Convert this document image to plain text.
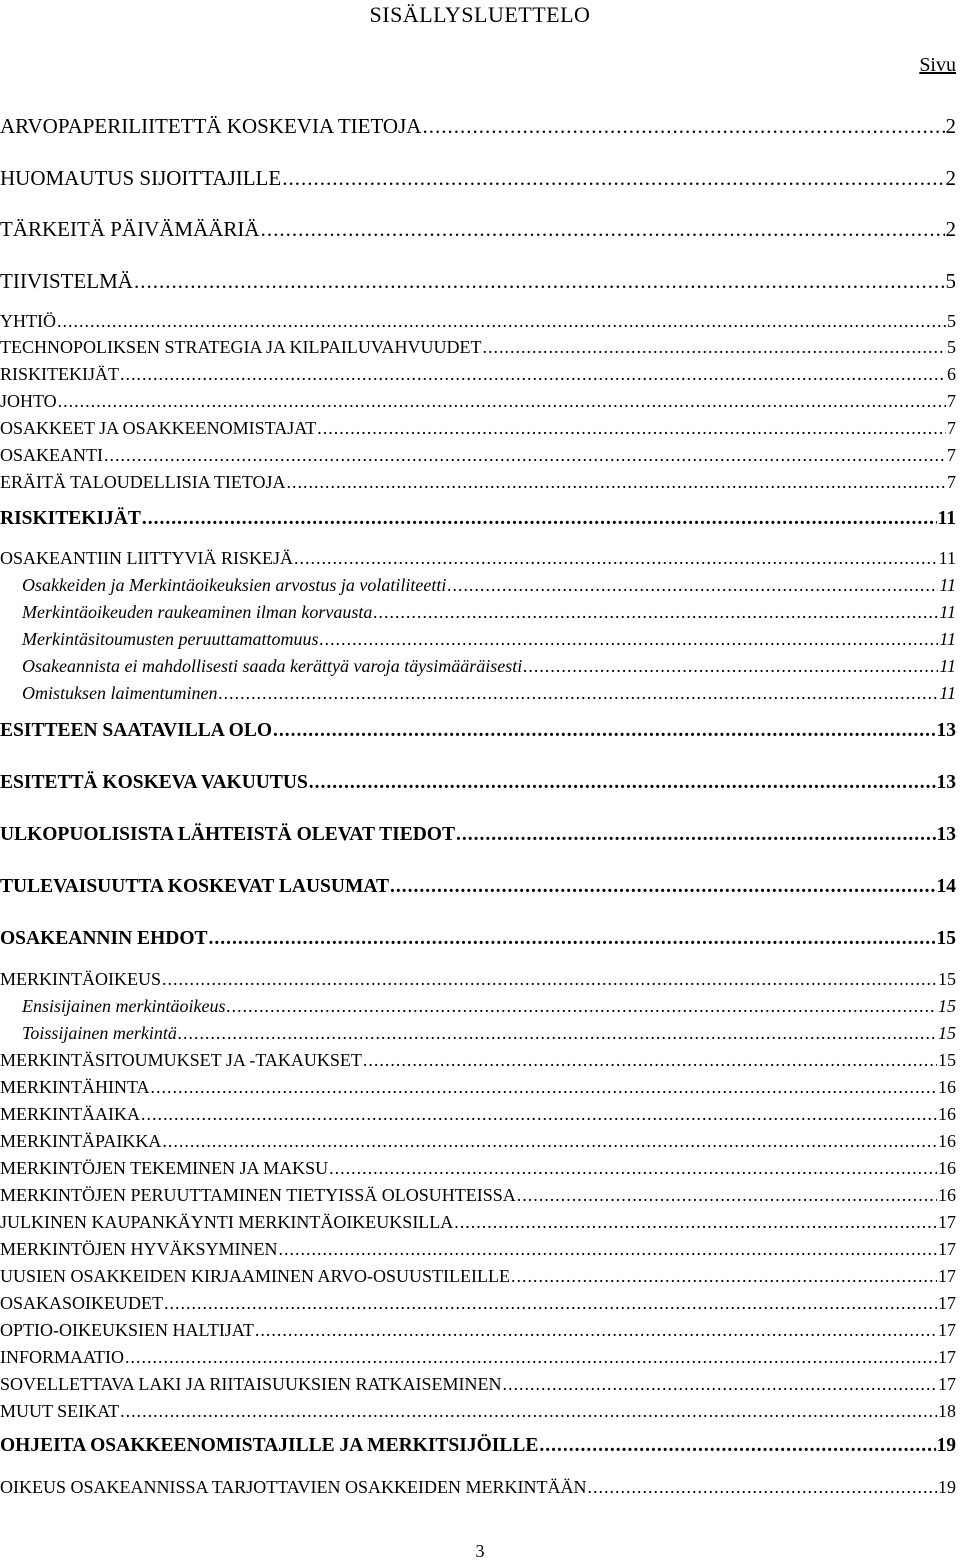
SISÄLLYSLUETTELO
Sivu
ARVOPAPERILIITETTÄ KOSKEVIA TIETOJA .....	2
HUOMAUTUS SIJOITTAJILLE .....	2
TÄRKEITÄ PÄIVÄMÄÄRIÄ .....	2
TIIVISTELMÄ .....	5
YHTIÖ .....	5
TECHNOPOLIKSEN STRATEGIA JA KILPAILUVAHVUUDET .....	5
RISKITEKIJÄT .....	6
JOHTO .....	7
OSAKKEET JA OSAKKEENOMISTAJAT .....	7
OSAKEANTI .....	7
ERÄITÄ TALOUDELLISIA TIETOJA .....	7
RISKITEKIJÄT .....	11
OSAKEANTIIN LIITTYVIÄ RISKEJÄ .....	11
Osakkeiden ja Merkintäoikeuksien arvostus ja volatiliteetti .....	11
Merkintäoikeuden raukeaminen ilman korvausta .....	11
Merkintäsitoumusten peruuttamattomuus .....	11
Osakeannista ei mahdollisesti saada kerättyä varoja täysimääräisesti .....	11
Omistuksen laimentuminen .....	11
ESITTEEN SAATAVILLA OLO .....	13
ESITETTÄ KOSKEVA VAKUUTUS .....	13
ULKOPUOLISISTA LÄHTEISTÄ OLEVAT TIEDOT .....	13
TULEVAISUUTTA KOSKEVAT LAUSUMAT .....	14
OSAKEANNIN EHDOT .....	15
MERKINTÄOIKEUS .....	15
Ensisijainen merkintäoikeus .....	15
Toissijainen merkintä .....	15
MERKINTÄSITOUMUKSET JA -TAKAUKSET .....	15
MERKINTÄHINTA .....	16
MERKINTÄAIKA .....	16
MERKINTÄPAIKKA .....	16
MERKINTÖJEN TEKEMINEN JA MAKSU .....	16
MERKINTÖJEN PERUUTTAMINEN TIETYISSÄ OLOSUHTEISSA .....	16
JULKINEN KAUPANKÄYNTI MERKINTÄOIKEUKSILLA .....	17
MERKINTÖJEN HYVÄKSYMINEN .....	17
UUSIEN OSAKKEIDEN KIRJAAMINEN ARVO-OSUUSTILEILLE .....	17
OSAKASOIKEUDET .....	17
OPTIO-OIKEUKSIEN HALTIJAT .....	17
INFORMAATIO .....	17
SOVELLETTAVA LAKI JA RIITAISUUKSIEN RATKAISEMINEN .....	17
MUUT SEIKAT .....	18
OHJEITA OSAKKEENOMISTAJILLE JA MERKITSIJÖILLE .....	19
OIKEUS OSAKEANNISSA TARJOTTAVIEN OSAKKEIDEN MERKINTÄÄN .....	19
3
